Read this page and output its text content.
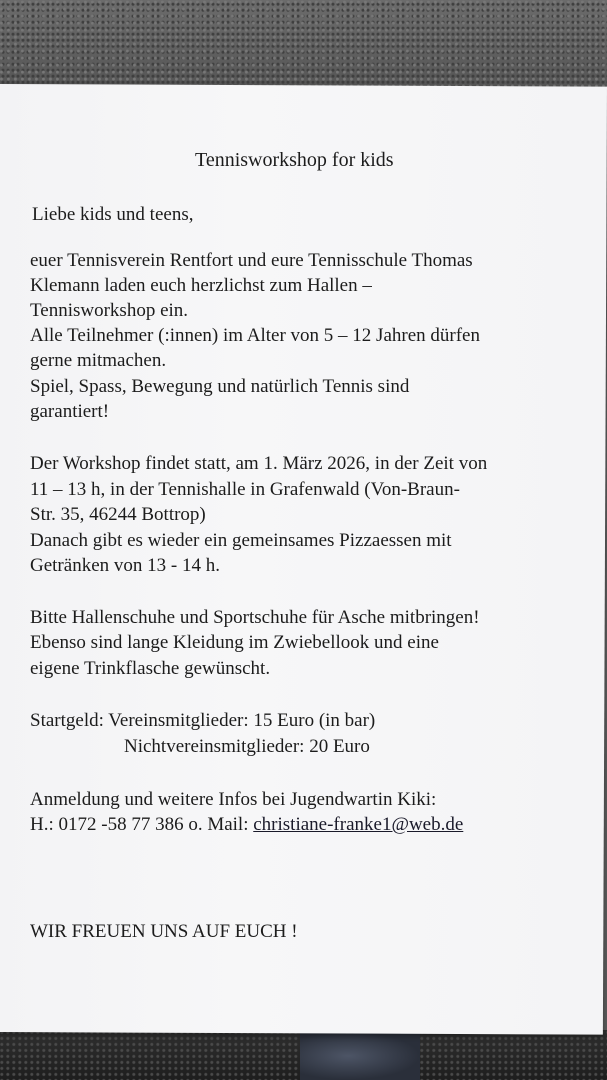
Tennisworkshop for kids
Liebe kids und teens,
euer Tennisverein Rentfort und eure Tennisschule Thomas
Klemann laden euch herzlichst zum Hallen –
Tennisworkshop ein.
Alle Teilnehmer (:innen) im Alter von 5 – 12 Jahren dürfen
gerne mitmachen.
Spiel, Spass, Bewegung und natürlich Tennis sind
garantiert!
Der Workshop findet statt, am 1. März 2026, in der Zeit von
11 – 13 h, in der Tennishalle in Grafenwald (Von-Braun-
Str. 35, 46244 Bottrop)
Danach gibt es wieder ein gemeinsames Pizzaessen mit
Getränken von 13 - 14 h.
Bitte Hallenschuhe und Sportschuhe für Asche mitbringen!
Ebenso sind lange Kleidung im Zwiebellook und eine
eigene Trinkflasche gewünscht.
Startgeld: Vereinsmitglieder: 15 Euro (in bar)
Nichtvereinsmitglieder: 20 Euro
Anmeldung und weitere Infos bei Jugendwartin Kiki:
H.: 0172 -58 77 386 o. Mail: christiane-franke1@web.de
WIR FREUEN UNS AUF EUCH !
